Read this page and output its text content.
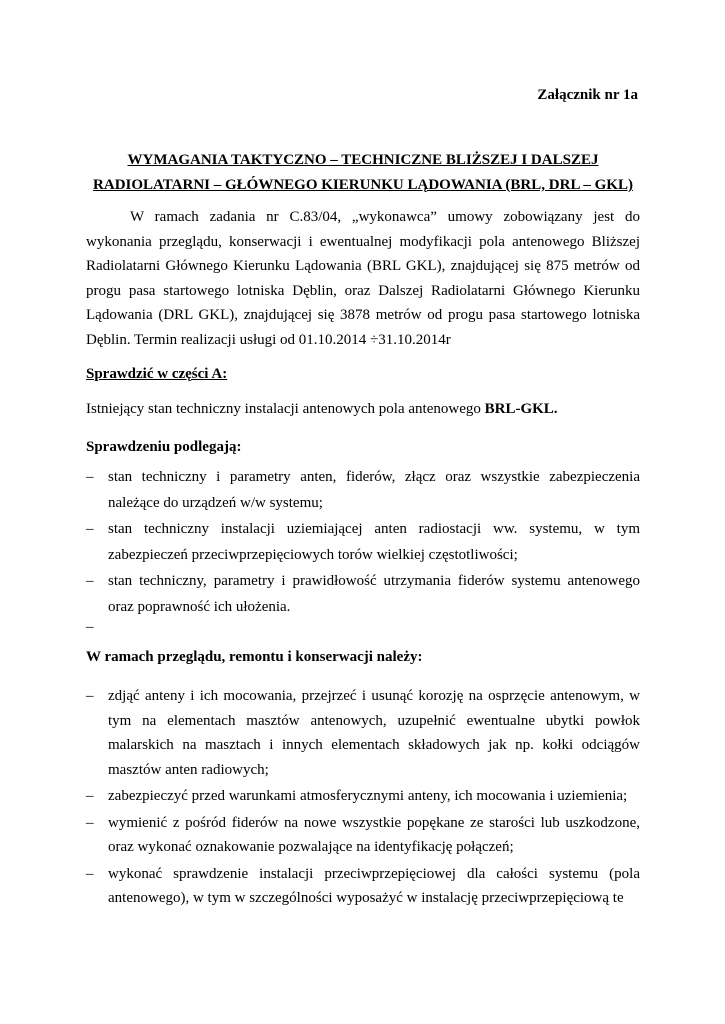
Załącznik nr 1a
WYMAGANIA TAKTYCZNO – TECHNICZNE BLIŻSZEJ I DALSZEJ
RADIOLATARNI – GŁÓWNEGO KIERUNKU LĄDOWANIA (BRL, DRL – GKL)

W ramach zadania nr C.83/04, „wykonawca” umowy zobowiązany jest do wykonania przeglądu, konserwacji i ewentualnej modyfikacji pola antenowego Bliższej Radiolatarni Głównego Kierunku Lądowania (BRL GKL), znajdującej się 875 metrów od progu pasa startowego lotniska Dęblin, oraz Dalszej Radiolatarni Głównego Kierunku Lądowania (DRL GKL), znajdującej się 3878 metrów od progu pasa startowego lotniska Dęblin. Termin realizacji usługi od 01.10.2014 ÷31.10.2014r

Sprawdzić w części A:
Istniejący stan techniczny instalacji antenowych pola antenowego BRL-GKL.
Sprawdzeniu podlegają:
– stan techniczny i parametry anten, fiderów, złącz oraz wszystkie zabezpieczenia należące do urządzeń w/w systemu;
– stan techniczny instalacji uziemiającej anten radiostacji ww. systemu, w tym zabezpieczeń przeciwprzepięciowych torów wielkiej częstotliwości;
– stan techniczny, parametry i prawidłowość utrzymania fiderów systemu antenowego oraz poprawność ich ułożenia.
–
W ramach przeglądu, remontu i konserwacji należy:
– zdjąć anteny i ich mocowania, przejrzeć i usunąć korozję na osprzęcie antenowym, w tym na elementach masztów antenowych, uzupełnić ewentualne ubytki powłok malarskich na masztach i innych elementach składowych jak np. kołki odciągów masztów anten radiowych;
– zabezpieczyć przed warunkami atmosferycznymi anteny, ich mocowania i uziemienia;
– wymienić z pośród fiderów na nowe wszystkie popękane ze starości lub uszkodzone, oraz wykonać oznakowanie pozwalające na identyfikację połączeń;
– wykonać sprawdzenie instalacji przeciwprzepięciowej dla całości systemu (pola antenowego), w tym w szczególności wyposażyć w instalację przeciwprzepięciową te
